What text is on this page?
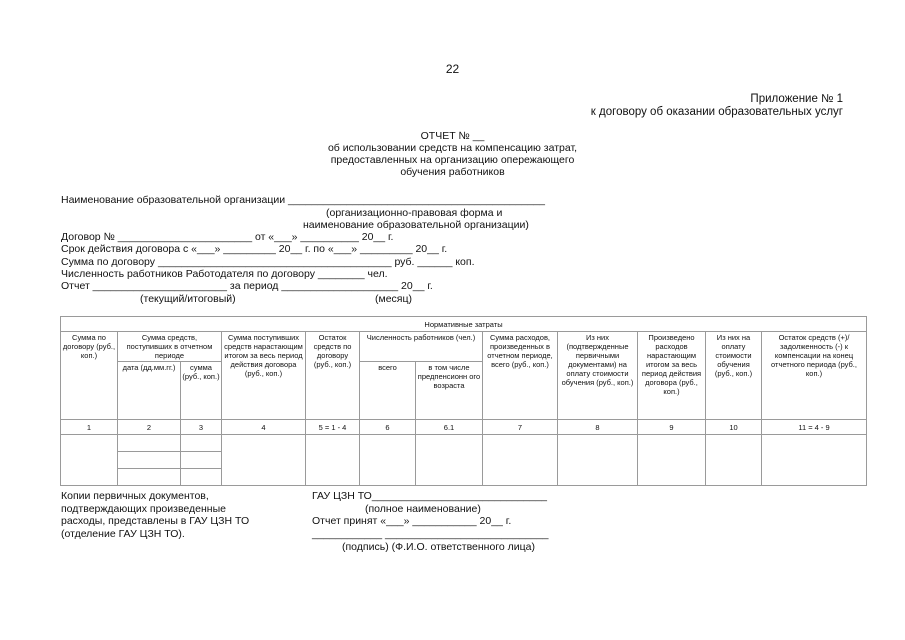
22
Приложение № 1
к договору об оказании образовательных услуг
ОТЧЕТ № __
об использовании средств на компенсацию затрат,
предоставленных на организацию опережающего
обучения работников
Наименование образовательной организации ____________________________________________
(организационно-правовая форма и
наименование образовательной организации)
Договор № _______________________ от «___» __________ 20__ г.
Срок действия договора с «___» _________ 20__ г. по «___» _________ 20__ г.
Сумма по договору ________________________________________ руб. ______ коп.
Численность работников Работодателя по договору ________ чел.
Отчет _______________________ за период ____________________ 20__ г.
(текущий/итоговый)	(месяц)
Нормативные затраты											
Сумма по договору (руб., коп.)	Сумма средств, поступивших в отчетном периоде		Сумма поступивших средств нарастающим итогом за весь период действия договора (руб., коп.)	Остаток средств по договору (руб., коп.)	Численность работников (чел.)		Сумма расходов, произведенных в отчетном периоде, всего (руб., коп.)	Из них (подтвержденные первичными документами) на оплату стоимости обучения (руб., коп.)	Произведено расходов нарастающим итогом за весь период действия договора (руб., коп.)	Из них на оплату стоимости обучения (руб., коп.)	Остаток средств (+)/задолженность (-) к компенсации на конец отчетного периода (руб., коп.)
	дата (дд.мм.гг.)	сумма (руб., коп.)			всего	в том числе предпенсионн ого возраста					
1	2	3	4	5 = 1 - 4	6	6.1	7	8	9	10	11 = 4 - 9

Копии первичных документов,
подтверждающих произведенные
расходы, представлены в ГАУ ЦЗН ТО
(отделение ГАУ ЦЗН ТО).
ГАУ ЦЗН ТО______________________________
(полное наименование)
Отчет принят «___» ___________ 20__ г.
____________ ____________________________
(подпись) (Ф.И.О. ответственного лица)
